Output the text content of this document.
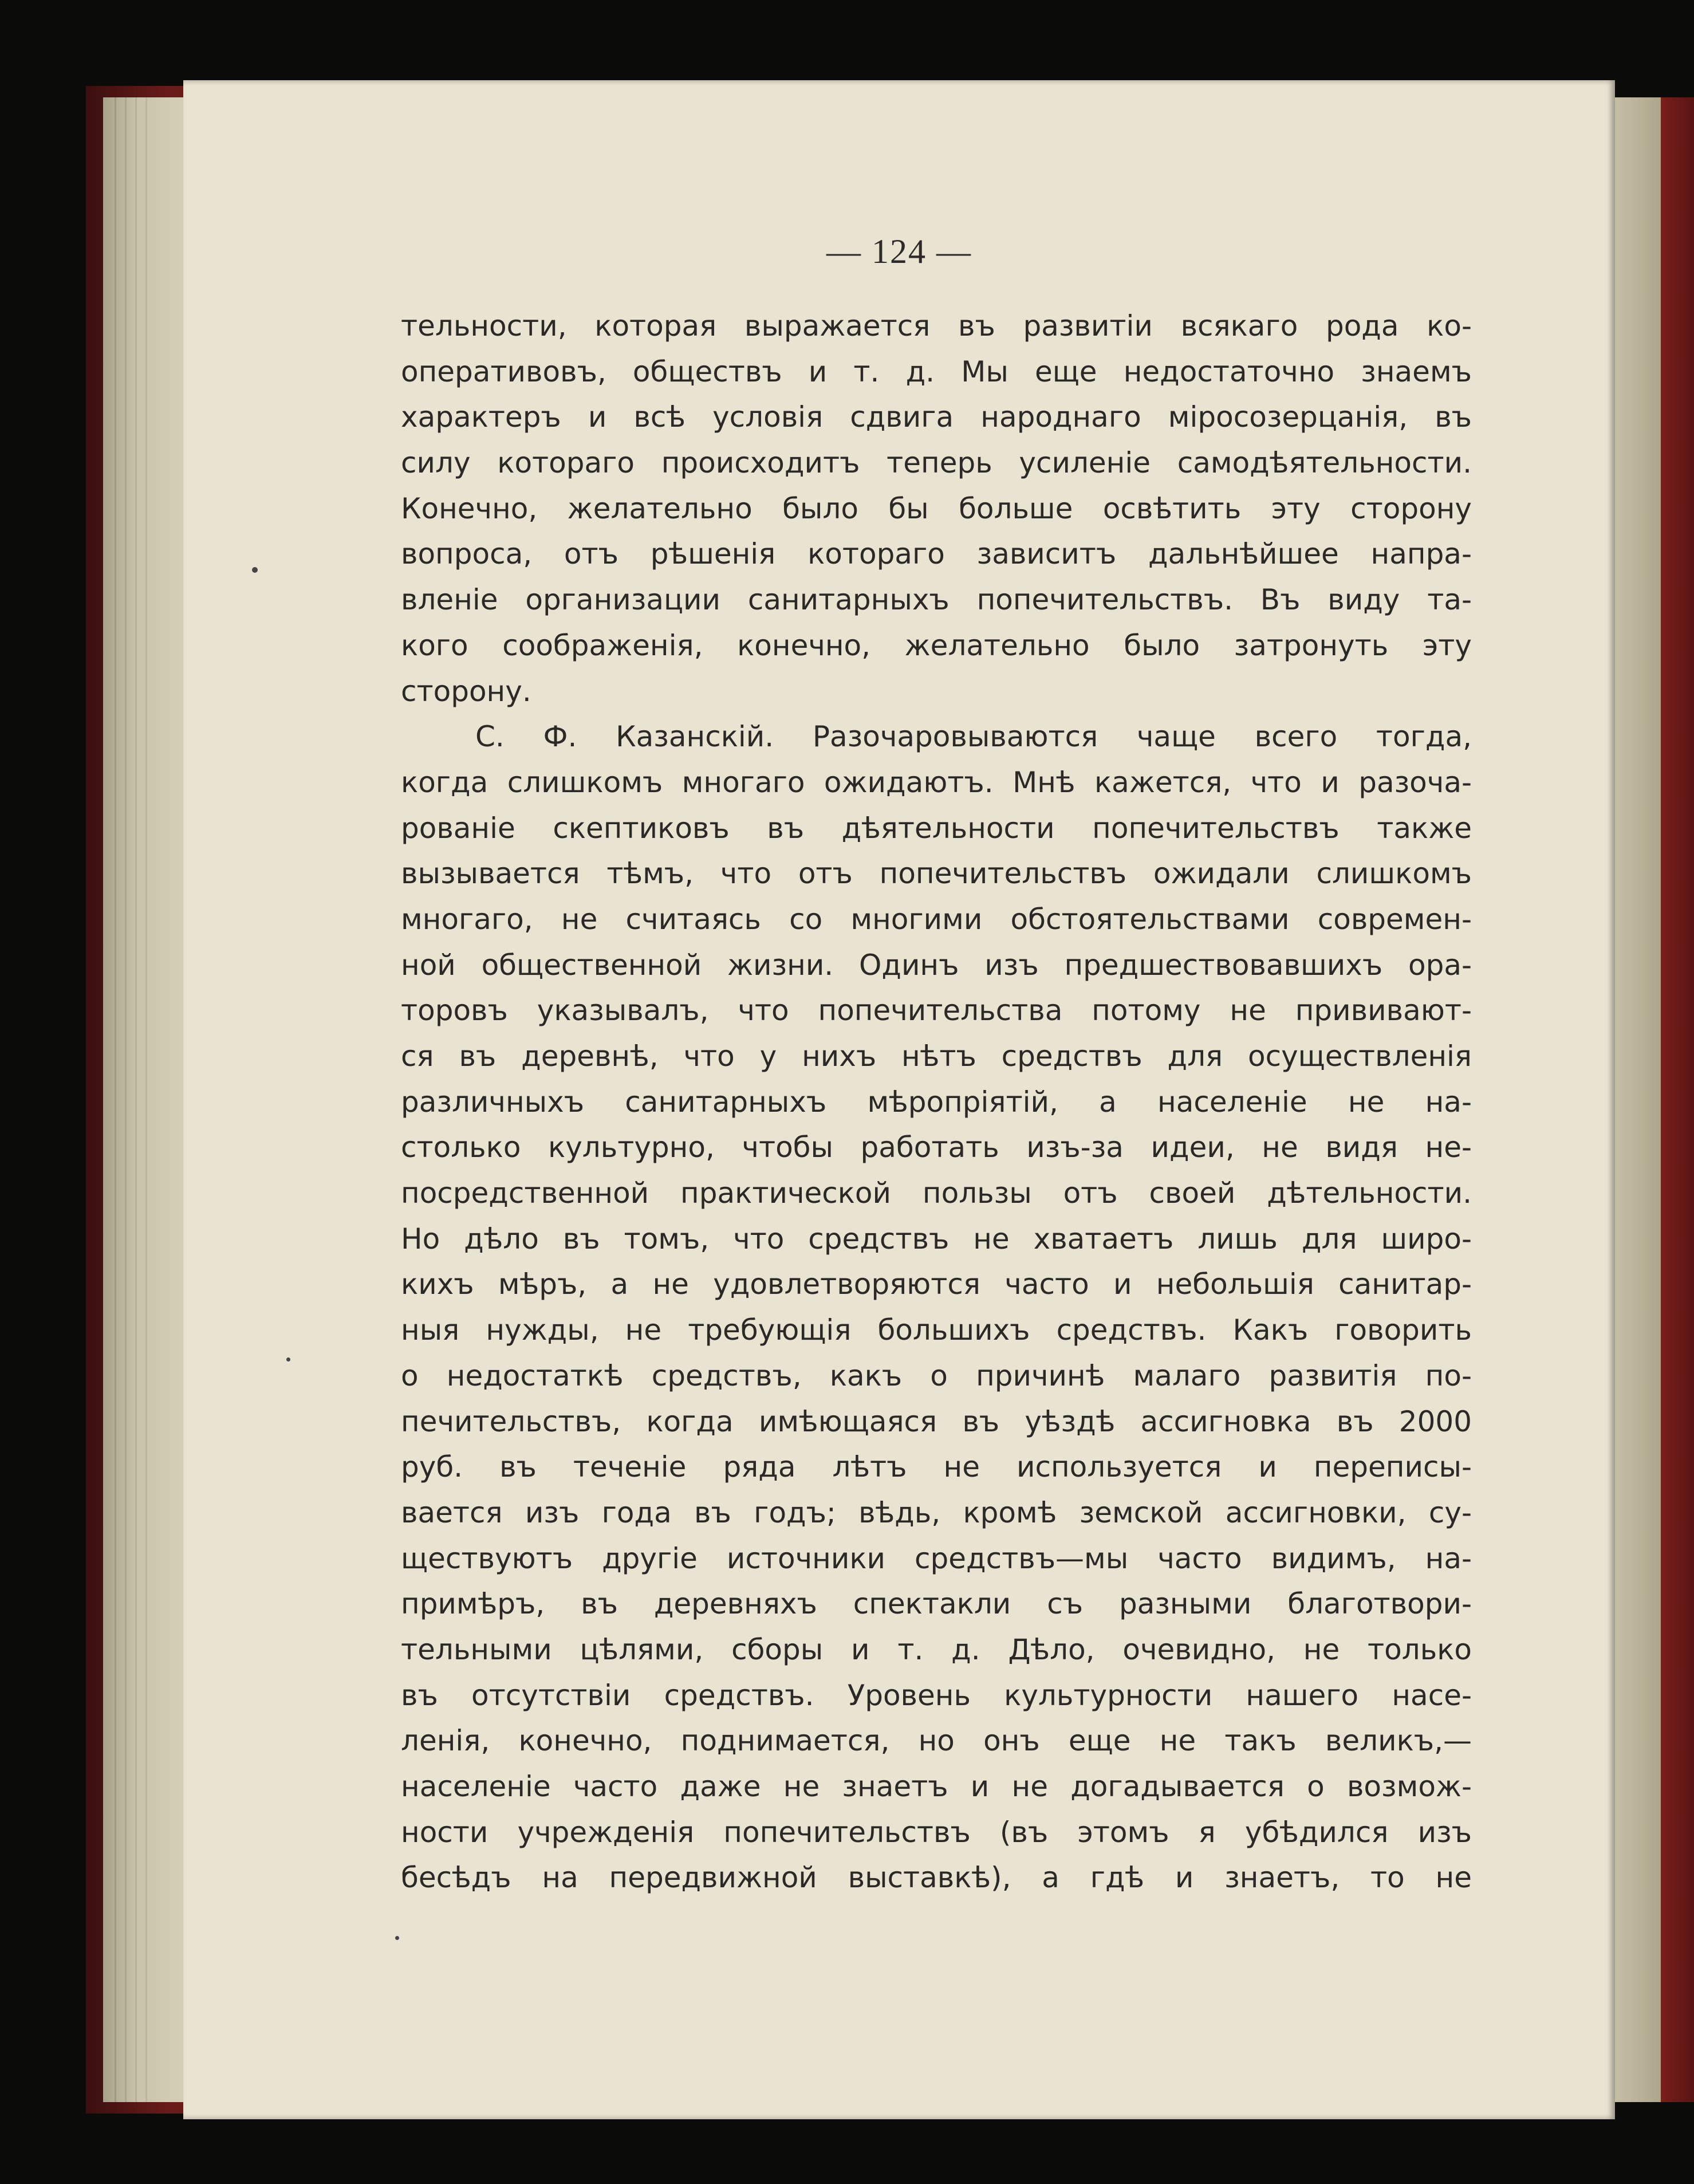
— 124 —
тельности, которая выражается въ развитiи всякаго рода ко-
оперативовъ, обществъ и т. д. Мы еще недостаточно знаемъ
характеръ и всѣ условiя сдвига народнаго мiросозерцанiя, въ
силу котораго происходитъ теперь усиленiе самодѣятельности.
Конечно, желательно было бы больше освѣтить эту сторону
вопроса, отъ рѣшенiя котораго зависитъ дальнѣйшее напра-
вленiе организации санитарныхъ попечительствъ. Въ виду та-
кого соображенiя, конечно, желательно было затронуть эту
сторону.
С. Ф. Казанскiй. Разочаровываются чаще всего тогда,
когда слишкомъ многаго ожидаютъ. Мнѣ кажется, что и разоча-
рованiе скептиковъ въ дѣятельности попечительствъ также
вызывается тѣмъ, что отъ попечительствъ ожидали слишкомъ
многаго, не считаясь со многими обстоятельствами современ-
ной общественной жизни. Одинъ изъ предшествовавшихъ ора-
торовъ указывалъ, что попечительства потому не прививают-
ся въ деревнѣ, что у нихъ нѣтъ средствъ для осуществленiя
различныхъ санитарныхъ мѣропрiятiй, а населенiе не на-
столько культурно, чтобы работать изъ-за идеи, не видя не-
посредственной практической пользы отъ своей дѣтельности.
Но дѣло въ томъ, что средствъ не хватаетъ лишь для широ-
кихъ мѣръ, а не удовлетворяются часто и небольшiя санитар-
ныя нужды, не требующiя большихъ средствъ. Какъ говорить
о недостаткѣ средствъ, какъ о причинѣ малаго развитiя по-
печительствъ, когда имѣющаяся въ уѣздѣ ассигновка въ 2000
руб. въ теченiе ряда лѣтъ не используется и переписы-
вается изъ года въ годъ; вѣдь, кромѣ земской ассигновки, су-
ществуютъ другiе источники средствъ—мы часто видимъ, на-
примѣръ, въ деревняхъ спектакли съ разными благотвори-
тельными цѣлями, сборы и т. д. Дѣло, очевидно, не только
въ отсутствiи средствъ. Уровень культурности нашего насе-
ленiя, конечно, поднимается, но онъ еще не такъ великъ,—
населенiе часто даже не знаетъ и не догадывается о возмож-
ности учрежденiя попечительствъ (въ этомъ я убѣдился изъ
бесѣдъ на передвижной выставкѣ), а гдѣ и знаетъ, то не
